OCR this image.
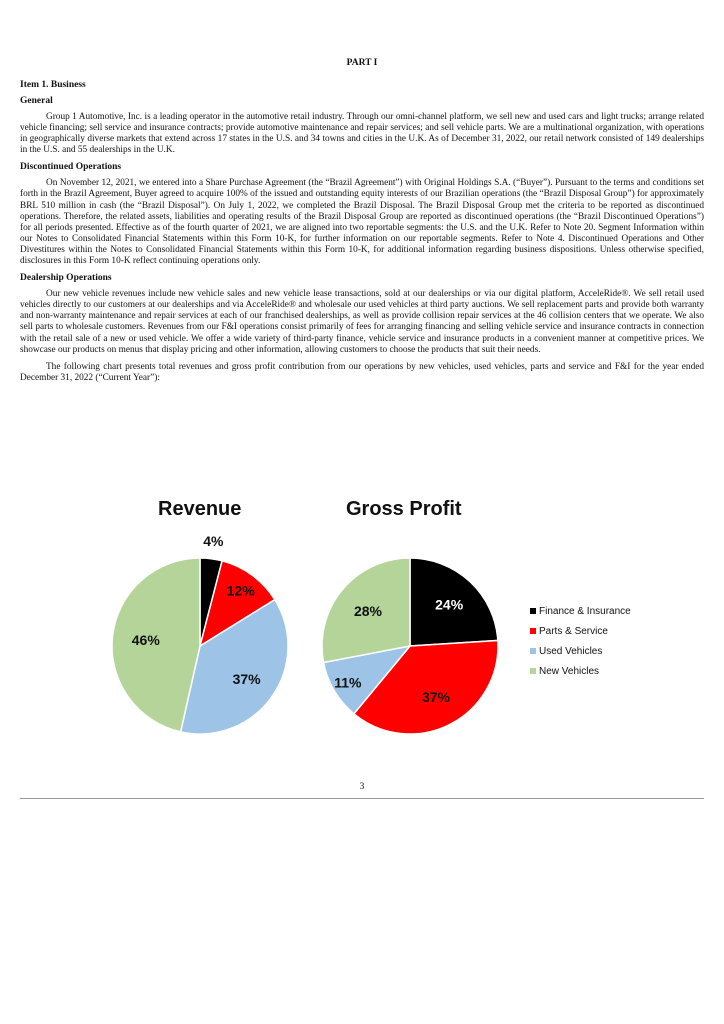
PART I
Item 1. Business
General

Group 1 Automotive, Inc. is a leading operator in the automotive retail industry. Through our omni-channel platform, we sell new and used cars and light trucks; arrange related vehicle financing; sell service and insurance contracts; provide automotive maintenance and repair services; and sell vehicle parts. We are a multinational organization, with operations in geographically diverse markets that extend across 17 states in the U.S. and 34 towns and cities in the U.K. As of December 31, 2022, our retail network consisted of 149 dealerships in the U.S. and 55 dealerships in the U.K.

Discontinued Operations

On November 12, 2021, we entered into a Share Purchase Agreement (the “Brazil Agreement”) with Original Holdings S.A. (“Buyer”). Pursuant to the terms and conditions set forth in the Brazil Agreement, Buyer agreed to acquire 100% of the issued and outstanding equity interests of our Brazilian operations (the “Brazil Disposal Group”) for approximately BRL 510 million in cash (the “Brazil Disposal”). On July 1, 2022, we completed the Brazil Disposal. The Brazil Disposal Group met the criteria to be reported as discontinued operations. Therefore, the related assets, liabilities and operating results of the Brazil Disposal Group are reported as discontinued operations (the “Brazil Discontinued Operations”) for all periods presented. Effective as of the fourth quarter of 2021, we are aligned into two reportable segments: the U.S. and the U.K. Refer to Note 20. Segment Information within our Notes to Consolidated Financial Statements within this Form 10-K, for further information on our reportable segments. Refer to Note 4. Discontinued Operations and Other Divestitures within the Notes to Consolidated Financial Statements within this Form 10-K, for additional information regarding business dispositions. Unless otherwise specified, disclosures in this Form 10-K reflect continuing operations only.

Dealership Operations

Our new vehicle revenues include new vehicle sales and new vehicle lease transactions, sold at our dealerships or via our digital platform, AcceleRide®. We sell retail used vehicles directly to our customers at our dealerships and via AcceleRide® and wholesale our used vehicles at third party auctions. We sell replacement parts and provide both warranty and non-warranty maintenance and repair services at each of our franchised dealerships, as well as provide collision repair services at the 46 collision centers that we operate. We also sell parts to wholesale customers. Revenues from our F&I operations consist primarily of fees for arranging financing and selling vehicle service and insurance contracts in connection with the retail sale of a new or used vehicle. We offer a wide variety of third-party finance, vehicle service and insurance products in a convenient manner at competitive prices. We showcase our products on menus that display pricing and other information, allowing customers to choose the products that suit their needs.

The following chart presents total revenues and gross profit contribution from our operations by new vehicles, used vehicles, parts and service and F&I for the year ended December 31, 2022 (“Current Year”):

Revenue	Gross Profit
4%
12%
37%
46%
24%
37%
11%
28%	Finance & Insurance
Parts & Service
Used Vehicles
New Vehicles
3
